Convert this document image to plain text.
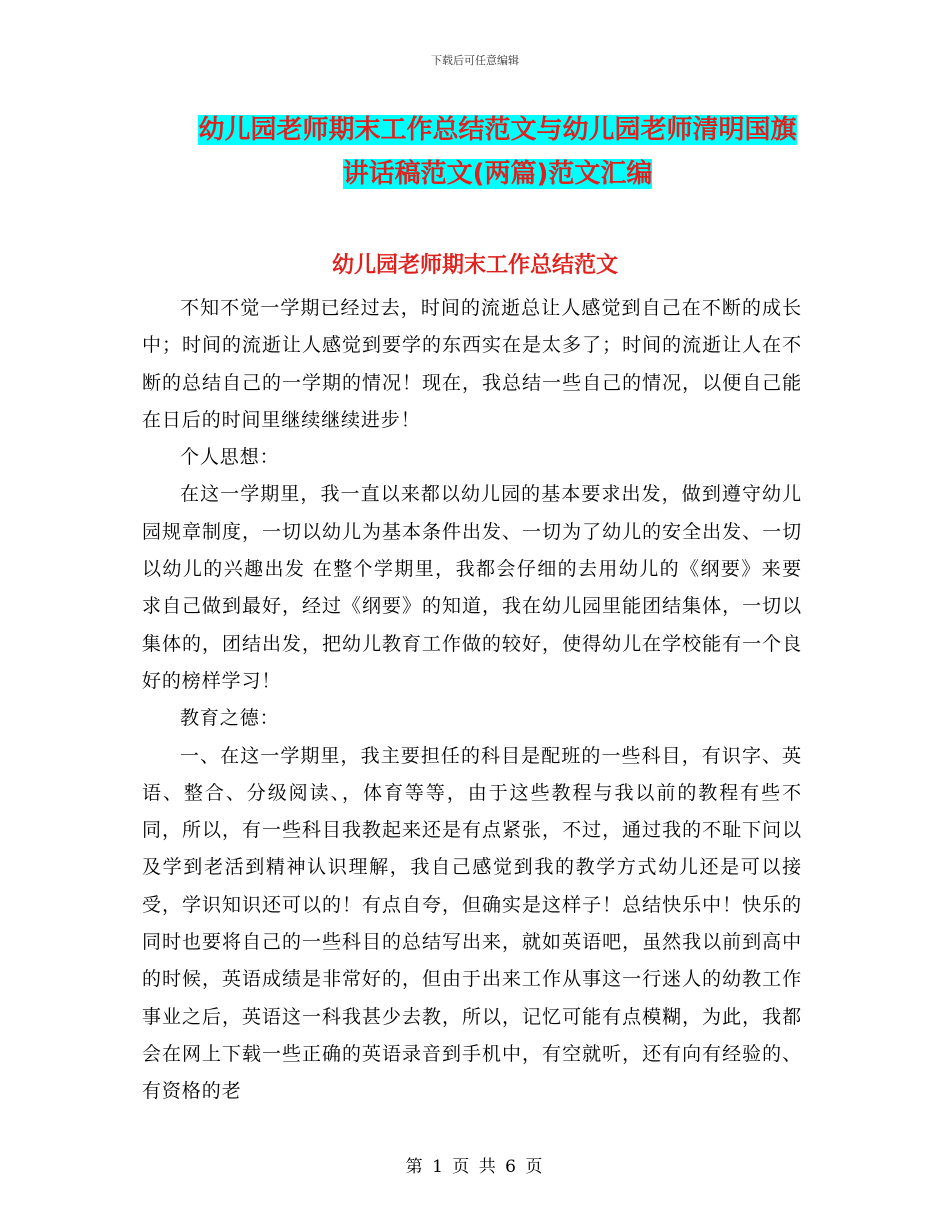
下载后可任意编辑
幼儿园老师期末工作总结范文与幼儿园老师清明国旗
讲话稿范文(两篇)范文汇编
幼儿园老师期末工作总结范文

不知不觉一学期已经过去，时间的流逝总让人感觉到自己在不断的成长中；时间的流逝让人感觉到要学的东西实在是太多了；时间的流逝让人在不断的总结自己的一学期的情况！现在，我总结一些自己的情况，以便自己能在日后的时间里继续继续进步！

个人思想：

在这一学期里，我一直以来都以幼儿园的基本要求出发，做到遵守幼儿园规章制度，一切以幼儿为基本条件出发、一切为了幼儿的安全出发、一切以幼儿的兴趣出发 在整个学期里，我都会仔细的去用幼儿的《纲要》来要求自己做到最好，经过《纲要》的知道，我在幼儿园里能团结集体，一切以集体的，团结出发，把幼儿教育工作做的较好，使得幼儿在学校能有一个良好的榜样学习！

教育之德：

一、在这一学期里，我主要担任的科目是配班的一些科目，有识字、英语、整合、分级阅读、，体育等等，由于这些教程与我以前的教程有些不同，所以，有一些科目我教起来还是有点紧张，不过，通过我的不耻下问以及学到老活到精神认识理解，我自己感觉到我的教学方式幼儿还是可以接受，学识知识还可以的！有点自夸，但确实是这样子！总结快乐中！快乐的同时也要将自己的一些科目的总结写出来，就如英语吧，虽然我以前到高中的时候，英语成绩是非常好的，但由于出来工作从事这一行迷人的幼教工作事业之后，英语这一科我甚少去教，所以，记忆可能有点模糊，为此，我都会在网上下载一些正确的英语录音到手机中，有空就听，还有向有经验的、有资格的老

第 1 页 共 6 页
